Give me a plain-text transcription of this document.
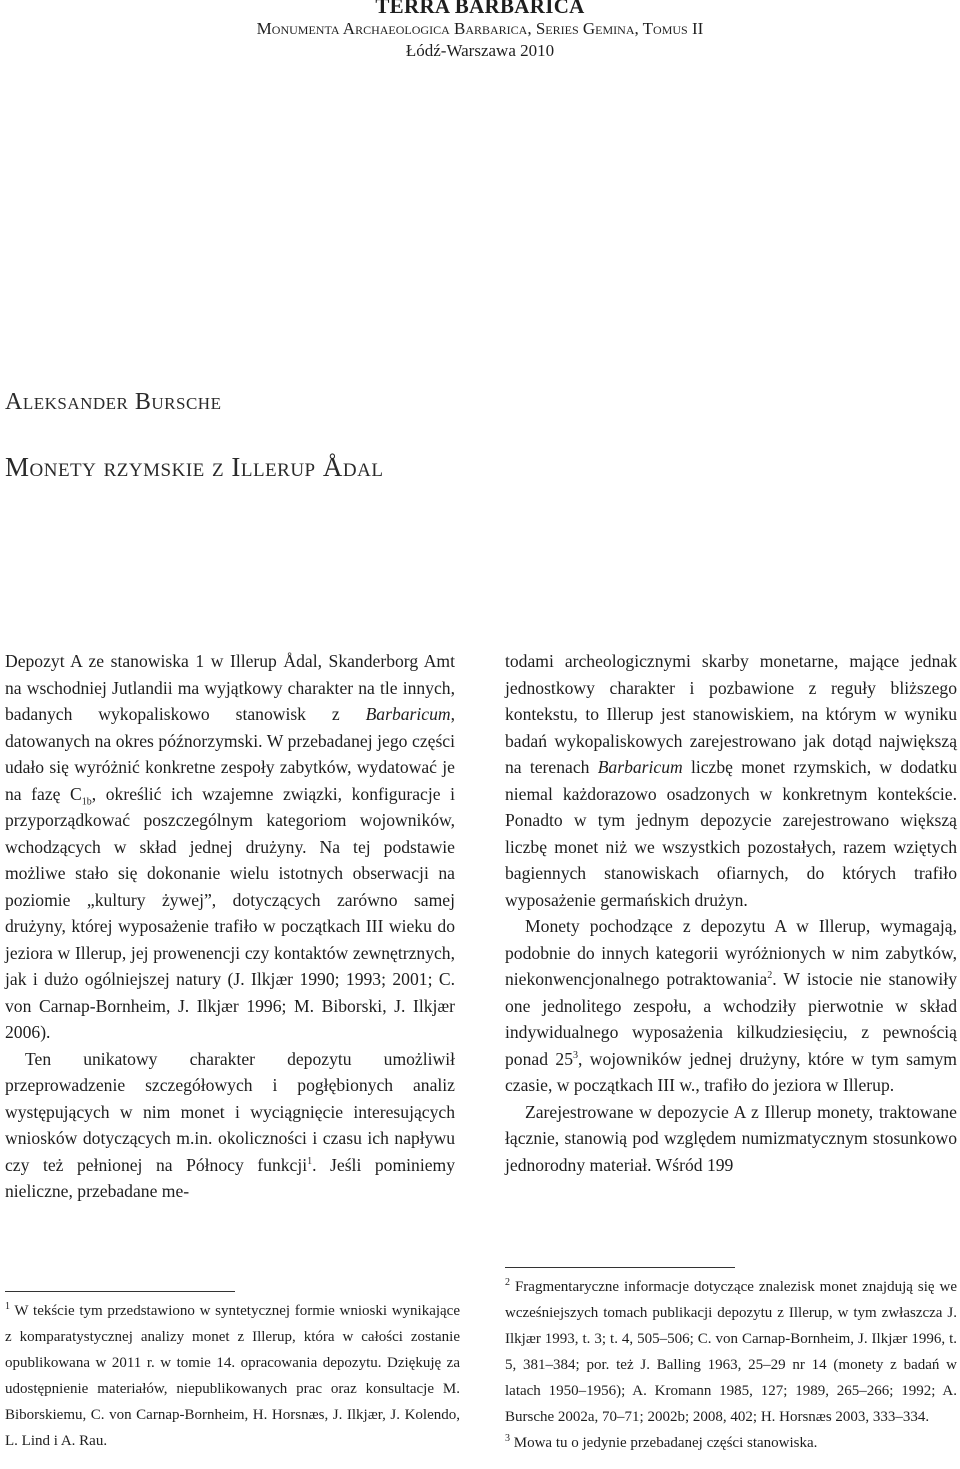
TERRA BARBARICA
Monumenta Archaeologica Barbarica, Series Gemina, Tomus II
Łódź-Warszawa 2010
Aleksander Bursche
Monety rzymskie z Illerup Ådal

Depozyt A ze stanowiska 1 w Illerup Ådal, Skanderborg Amt na wschodniej Jutlandii ma wyjątkowy charakter na tle innych, badanych wykopaliskowo stanowisk z Barbaricum, datowanych na okres późnorzymski. W przebadanej jego części udało się wyróżnić konkretne zespoły zabytków, wydatować je na fazę $C_{1b}$, określić ich wzajemne związki, konfiguracje i przyporządkować poszczególnym kategoriom wojowników, wchodzących w skład jednej drużyny. Na tej podstawie możliwe stało się dokonanie wielu istotnych obserwacji na poziomie „kultury żywej”, dotyczących zarówno samej drużyny, której wyposażenie trafiło w początkach III wieku do jeziora w Illerup, jej prowenencji czy kontaktów zewnętrznych, jak i dużo ogólniejszej natury (J. Ilkjær 1990; 1993; 2001; C. von Carnap-Bornheim, J. Ilkjær 1996; M. Biborski, J. Ilkjær 2006).

Ten unikatowy charakter depozytu umożliwił przeprowadzenie szczegółowych i pogłębionych analiz występujących w nim monet i wyciągnięcie interesujących wniosków dotyczących m.in. okoliczności i czasu ich napływu czy też pełnionej na Północy funkcji$^1$. Jeśli pominiemy nieliczne, przebadane me-

todami archeologicznymi skarby monetarne, mające jednak jednostkowy charakter i pozbawione z reguły bliższego kontekstu, to Illerup jest stanowiskiem, na którym w wyniku badań wykopaliskowych zarejestrowano jak dotąd największą na terenach Barbaricum liczbę monet rzymskich, w dodatku niemal każdorazowo osadzonych w konkretnym kontekście. Ponadto w tym jednym depozycie zarejestrowano większą liczbę monet niż we wszystkich pozostałych, razem wziętych bagiennych stanowiskach ofiarnych, do których trafiło wyposażenie germańskich drużyn.

Monety pochodzące z depozytu A w Illerup, wymagają, podobnie do innych kategorii wyróżnionych w nim zabytków, niekonwencjonalnego potraktowania$^2$. W istocie nie stanowiły one jednolitego zespołu, a wchodziły pierwotnie w skład indywidualnego wyposażenia kilkudziesięciu, z pewnością ponad $25^3$, wojowników jednej drużyny, które w tym samym czasie, w początkach III w., trafiło do jeziora w Illerup.

Zarejestrowane w depozycie A z Illerup monety, traktowane łącznie, stanowią pod względem numizmatycznym stosunkowo jednorodny materiał. Wśród 199

$^1$ W tekście tym przedstawiono w syntetycznej formie wnioski wynikające z komparatystycznej analizy monet z Illerup, która w całości zostanie opublikowana w 2011 r. w tomie 14. opracowania depozytu. Dziękuję za udostępnienie materiałów, niepublikowanych prac oraz konsultacje M. Biborskiemu, C. von Carnap-Bornheim, H. Horsnæs, J. Ilkjær, J. Kolendo, L. Lind i A. Rau.

$^2$ Fragmentaryczne informacje dotyczące znalezisk monet znajdują się we wcześniejszych tomach publikacji depozytu z Illerup, w tym zwłaszcza J. Ilkjær 1993, t. 3; t. 4, 505–506; C. von Carnap-Bornheim, J. Ilkjær 1996, t. 5, 381–384; por. też J. Balling 1963, 25–29 nr 14 (monety z badań w latach 1950–1956); A. Kromann 1985, 127; 1989, 265–266; 1992; A. Bursche 2002a, 70–71; 2002b; 2008, 402; H. Horsnæs 2003, 333–334.

$^3$ Mowa tu o jedynie przebadanej części stanowiska.
